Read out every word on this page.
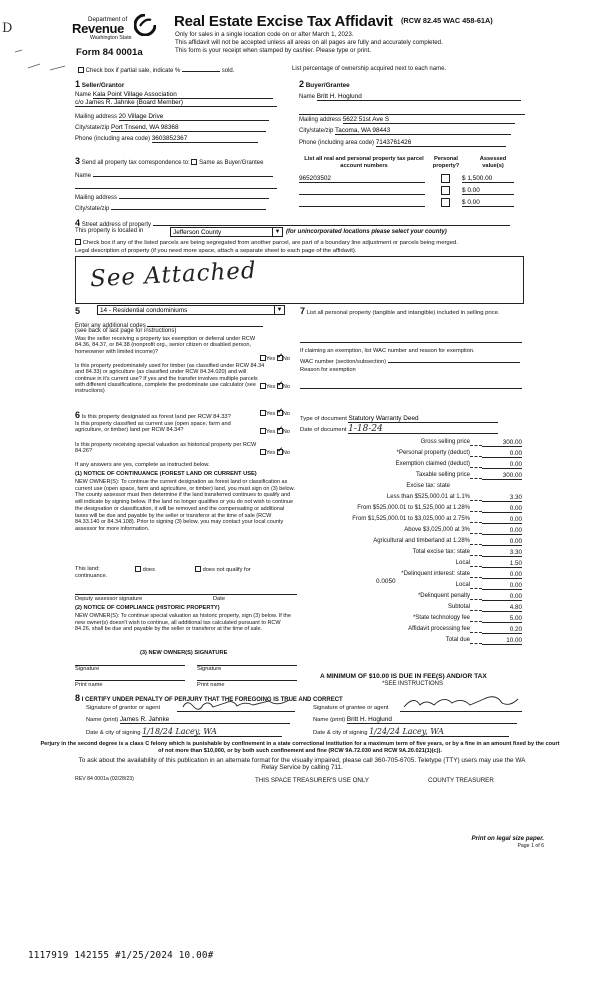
D
Department of
Revenue
Washington State
Form 84 0001a
Real Estate Excise Tax Affidavit (RCW 82.45 WAC 458-61A)
Only for sales in a single location code on or after March 1, 2023.
This affidavit will not be accepted unless all areas on all pages are fully and accurately completed.
This form is your receipt when stamped by cashier. Please type or print.
Check box if partial sale, indicate %	sold.	List percentage of ownership acquired next to each name.
1 Seller/Grantor
Name Kala Point Village Association
c/o James R. Jahnke (Board Member)
Mailing address 20 Village Drive
City/state/zip Port Tnsend, WA 98368
Phone (including area code) 3603852367
2 Buyer/Grantee
Name Britt H. Hoglund
Mailing address 5622 51st Ave S
City/state/zip Tacoma, WA 98443
Phone (including area code) 7143761426
3 Send all property tax correspondence to: Same as Buyer/Grantee
Name
Mailing address
City/state/zip
List all real and personal property tax parcel account numbers
Personal property?
Assessed value(s)
965203502	$ 1,500.00
$ 0.00
$ 0.00
4 Street address of property
This property is located in	Jefferson County	▼ (for unincorporated locations please select your county)
Check box if any of the listed parcels are being segregated from another parcel, are part of a boundary line adjustment or parcels being merged.
Legal description of property (if you need more space, attach a separate sheet to each page of the affidavit).
See Attached
5	14 - Residential condominiums	▼
Enter any additional codes
(see back of last page for instructions)
Was the seller receiving a property tax exemption or deferral under RCW 84.36, 84.37, or 84.38 (nonprofit org., senior citizen or disabled person, homeowner with limited income)?
Yes ✓ No
Is this property predominately used for timber (as classified under RCW 84.34 and 84.33) or agriculture (as classified under RCW 84.34.020) and will continue in it's current use? If yes and the transfer involves multiple parcels with different classifications, complete the predominate use calculator (see instructions)
Yes ✓ No
6 Is this property designated as forest land per RCW 84.33?	Yes ✓ No
Is this property classified as current use (open space, farm and agriculture, or timber) land per RCW 84.34?	Yes ✓ No
Is this property receiving special valuation as historical property per RCW 84.26?	Yes ✓ No
If any answers are yes, complete as instructed below.
(1) NOTICE OF CONTINUANCE (FOREST LAND OR CURRENT USE)
NEW OWNER(S): To continue the current designation as forest land or classification as current use (open space, farm and agriculture, or timber) land, you must sign on (3) below. The county assessor must then determine if the land transferred continues to qualify and will indicate by signing below. If the land no longer qualifies or you do not wish to continue the designation or classification, it will be removed and the compensating or additional taxes will be due and payable by the seller or transferor at the time of sale (RCW 84.33.140 or 84.34.108). Prior to signing (3) below, you may contact your local county assessor for more information.
This land:	does	does not qualify for
continuance.
Deputy assessor signature	Date
(2) NOTICE OF COMPLIANCE (HISTORIC PROPERTY)
NEW OWNER(S): To continue special valuation as historic property, sign (3) below. If the new owner(s) doesn't wish to continue, all additional tax calculated pursuant to RCW 84.26, shall be due and payable by the seller or transferor at the time of sale.
(3) NEW OWNER(S) SIGNATURE
Signature	Signature
Print name	Print name
7 List all personal property (tangible and intangible) included in selling price.
If claiming an exemption, list WAC number and reason for exemption.
WAC number (section/subsection)
Reason for exemption
Type of document Statutory Warranty Deed
Date of document 1-18-24
Gross selling price	300.00
*Personal property (deduct)	0.00
Exemption claimed (deduct)	0.00
Taxable selling price	300.00
Excise tax: state
Less than $525,000.01 at 1.1%	3.30
From $525,000.01 to $1,525,000 at 1.28%	0.00
From $1,525,000.01 to $3,025,000 at 2.75%	0.00
Above $3,025,000 at 3%	0.00
Agricultural and timberland at 1.28%	0.00
Total excise tax: state	3.30
Local	1.50
*Delinquent interest: state	0.00
Local	0.00
*Delinquent penalty	0.00
Subtotal	4.80
*State technology fee	5.00
Affidavit processing fee	0.20
Total due	10.00
0.0050
A MINIMUM OF $10.00 IS DUE IN FEE(S) AND/OR TAX
*SEE INSTRUCTIONS
8 I CERTIFY UNDER PENALTY OF PERJURY THAT THE FOREGOING IS TRUE AND CORRECT
Signature of grantor or agent
Name (print) James R. Jahnke
Date & city of signing 1/18/24 Lacey, WA
Signature of grantee or agent
Name (print) Britt H. Hoglund
Date & city of signing 1/24/24 Lacey, WA
Perjury in the second degree is a class C felony which is punishable by confinement in a state correctional institution for a maximum term of five years, or by a fine in an amount fixed by the court of not more than $10,000, or by both such confinement and fine (RCW 9A.72.030 and RCW 9A.20.021(1)(c)).
To ask about the availability of this publication in an alternate format for the visually impaired, please call 360-705-6705. Teletype (TTY) users may use the WA Relay Service by calling 711.
REV 84 0001a (02/28/23)	THIS SPACE TREASURER'S USE ONLY	COUNTY TREASURER
Print on legal size paper.
Page 1 of 6
1117919 142155 #1/25/2024 10.00#
